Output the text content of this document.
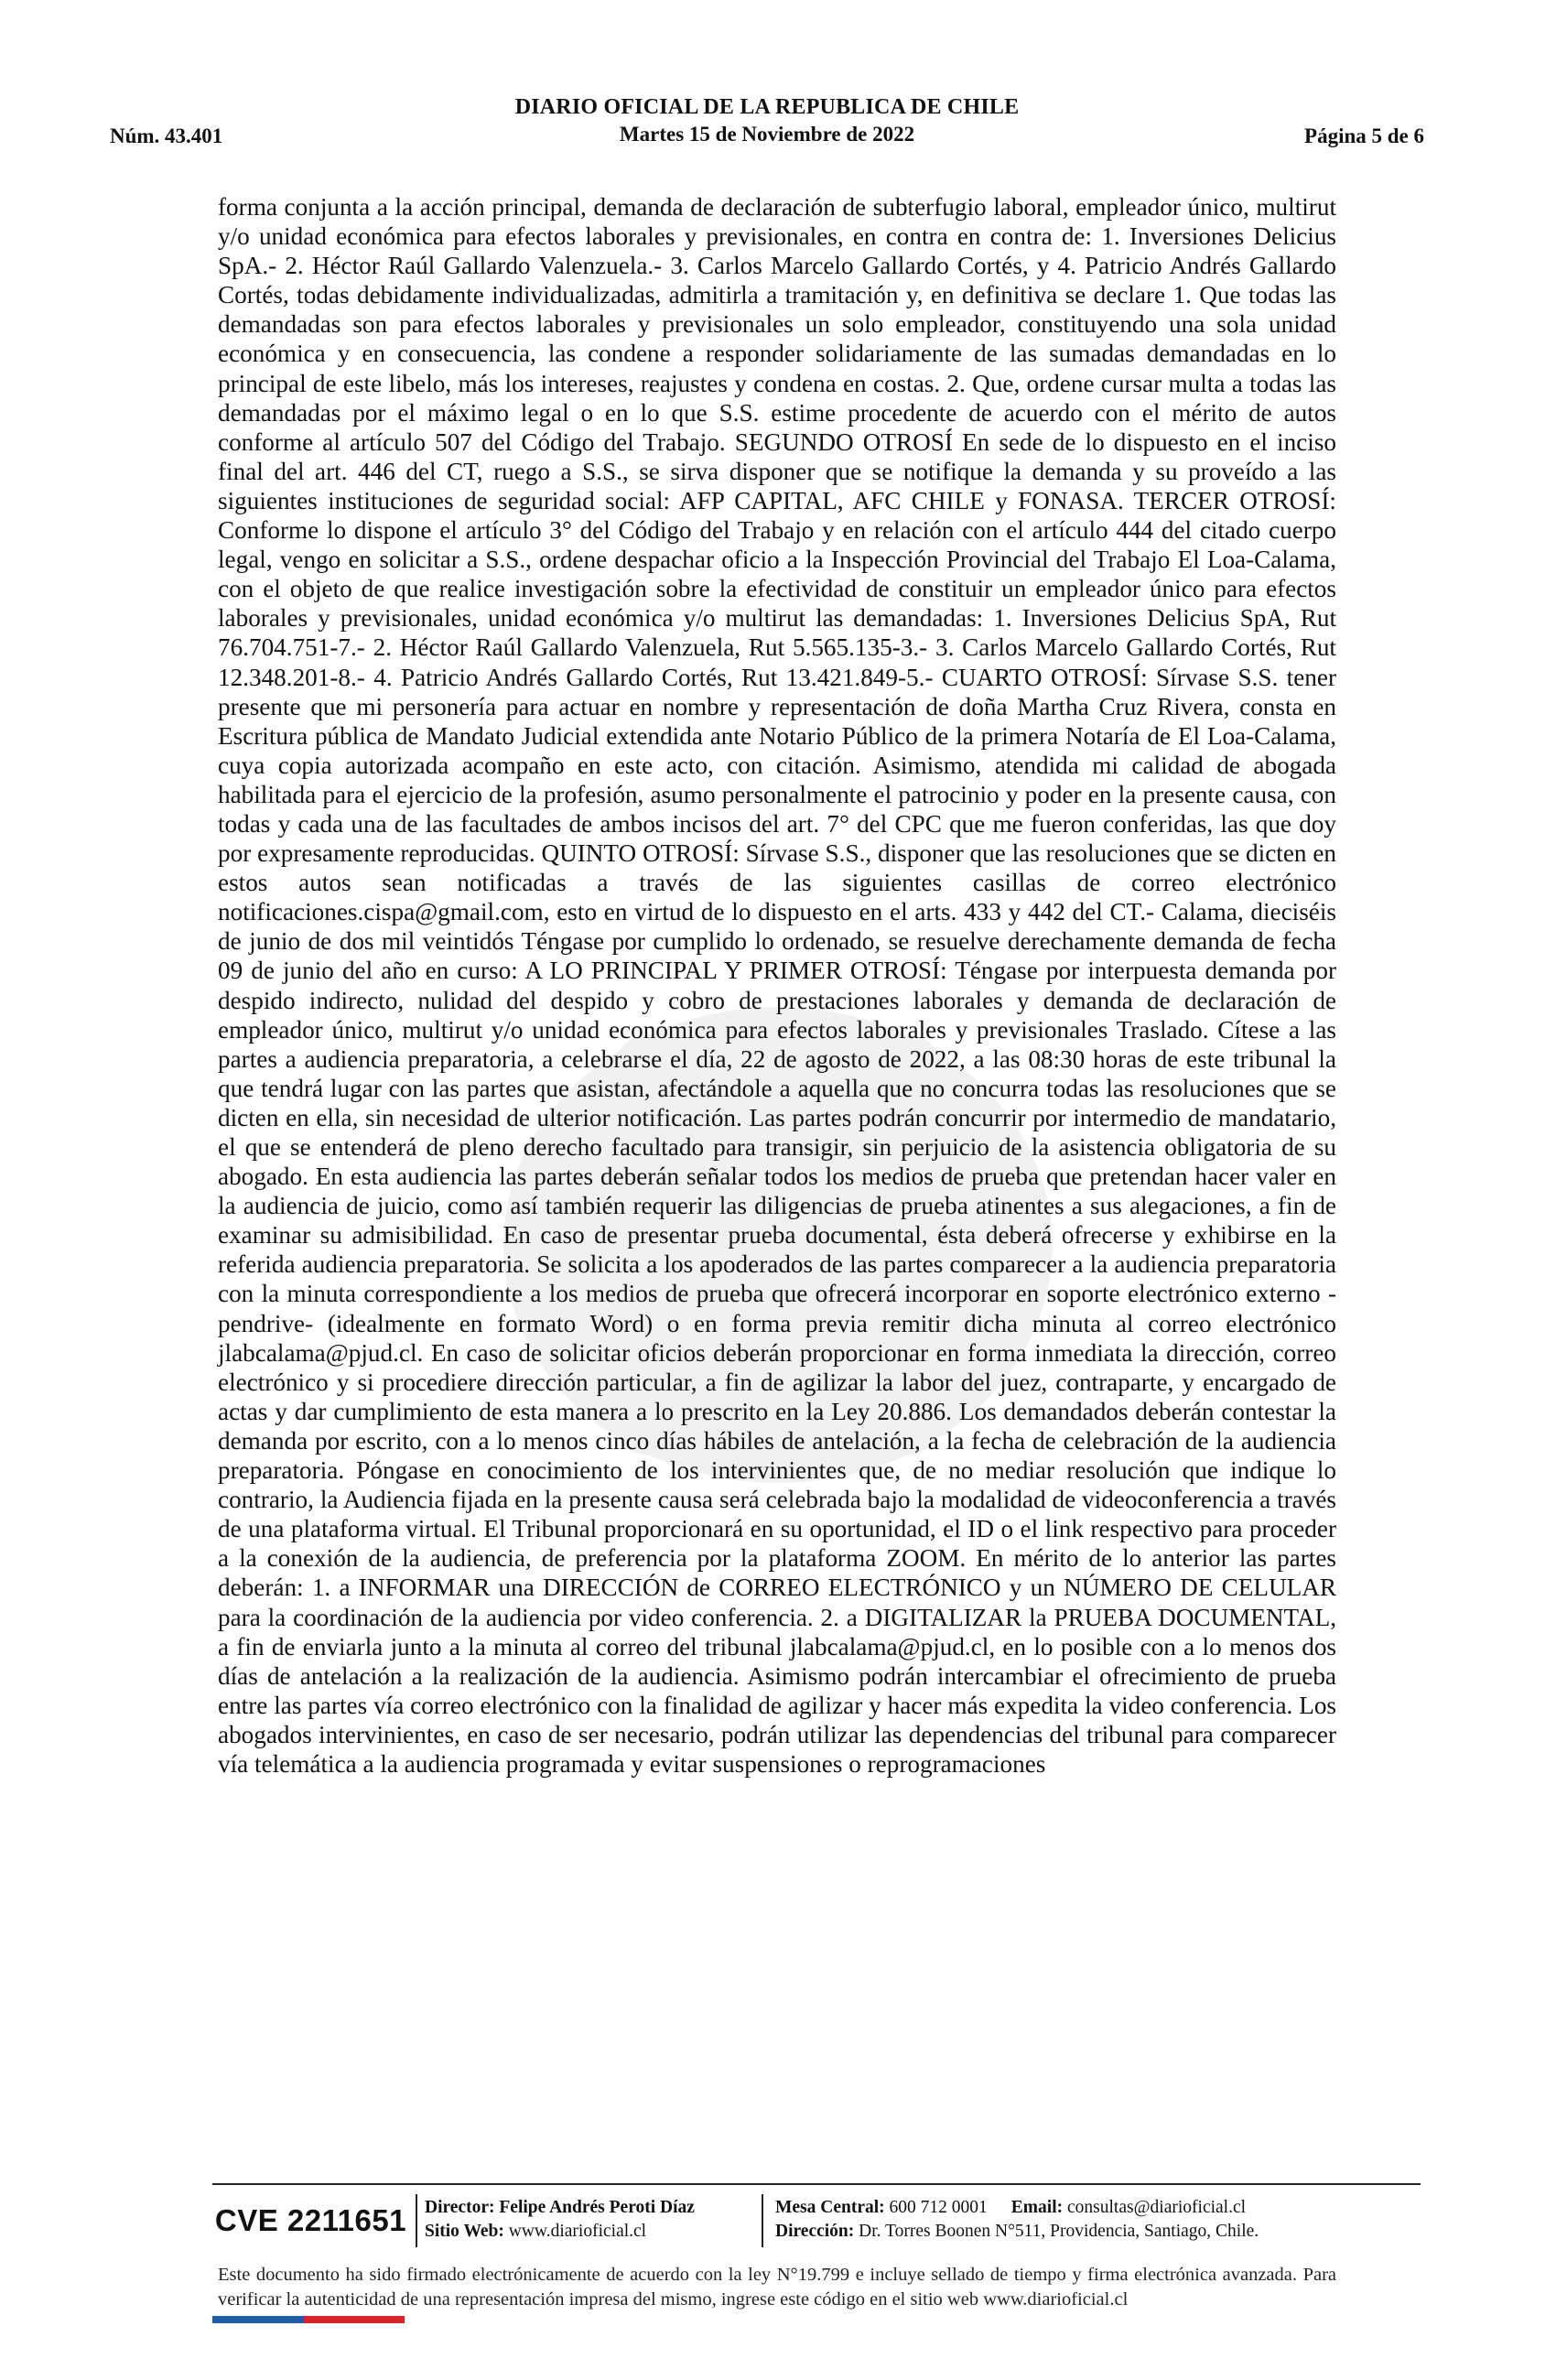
Núm. 43.401
DIARIO OFICIAL DE LA REPUBLICA DE CHILE
Martes 15 de Noviembre de 2022	Página 5 de 6
forma conjunta a la acción principal, demanda de declaración de subterfugio laboral, empleador único, multirut y/o unidad económica para efectos laborales y previsionales, en contra en contra de: 1. Inversiones Delicius SpA.- 2. Héctor Raúl Gallardo Valenzuela.- 3. Carlos Marcelo Gallardo Cortés, y 4. Patricio Andrés Gallardo Cortés, todas debidamente individualizadas, admitirla a tramitación y, en definitiva se declare 1. Que todas las demandadas son para efectos laborales y previsionales un solo empleador, constituyendo una sola unidad económica y en consecuencia, las condene a responder solidariamente de las sumadas demandadas en lo principal de este libelo, más los intereses, reajustes y condena en costas. 2. Que, ordene cursar multa a todas las demandadas por el máximo legal o en lo que S.S. estime procedente de acuerdo con el mérito de autos conforme al artículo 507 del Código del Trabajo. SEGUNDO OTROSÍ En sede de lo dispuesto en el inciso final del art. 446 del CT, ruego a S.S., se sirva disponer que se notifique la demanda y su proveído a las siguientes instituciones de seguridad social: AFP CAPITAL, AFC CHILE y FONASA. TERCER OTROSÍ: Conforme lo dispone el artículo 3° del Código del Trabajo y en relación con el artículo 444 del citado cuerpo legal, vengo en solicitar a S.S., ordene despachar oficio a la Inspección Provincial del Trabajo El Loa-Calama, con el objeto de que realice investigación sobre la efectividad de constituir un empleador único para efectos laborales y previsionales, unidad económica y/o multirut las demandadas: 1. Inversiones Delicius SpA, Rut 76.704.751-7.- 2. Héctor Raúl Gallardo Valenzuela, Rut 5.565.135-3.- 3. Carlos Marcelo Gallardo Cortés, Rut 12.348.201-8.- 4. Patricio Andrés Gallardo Cortés, Rut 13.421.849-5.- CUARTO OTROSÍ: Sírvase S.S. tener presente que mi personería para actuar en nombre y representación de doña Martha Cruz Rivera, consta en Escritura pública de Mandato Judicial extendida ante Notario Público de la primera Notaría de El Loa-Calama, cuya copia autorizada acompaño en este acto, con citación. Asimismo, atendida mi calidad de abogada habilitada para el ejercicio de la profesión, asumo personalmente el patrocinio y poder en la presente causa, con todas y cada una de las facultades de ambos incisos del art. 7° del CPC que me fueron conferidas, las que doy por expresamente reproducidas. QUINTO OTROSÍ: Sírvase S.S., disponer que las resoluciones que se dicten en estos autos sean notificadas a través de las siguientes casillas de correo electrónico notificaciones.cispa@gmail.com, esto en virtud de lo dispuesto en el arts. 433 y 442 del CT.- Calama, dieciséis de junio de dos mil veintidós Téngase por cumplido lo ordenado, se resuelve derechamente demanda de fecha 09 de junio del año en curso: A LO PRINCIPAL Y PRIMER OTROSÍ: Téngase por interpuesta demanda por despido indirecto, nulidad del despido y cobro de prestaciones laborales y demanda de declaración de empleador único, multirut y/o unidad económica para efectos laborales y previsionales Traslado. Cítese a las partes a audiencia preparatoria, a celebrarse el día, 22 de agosto de 2022, a las 08:30 horas de este tribunal la que tendrá lugar con las partes que asistan, afectándole a aquella que no concurra todas las resoluciones que se dicten en ella, sin necesidad de ulterior notificación. Las partes podrán concurrir por intermedio de mandatario, el que se entenderá de pleno derecho facultado para transigir, sin perjuicio de la asistencia obligatoria de su abogado. En esta audiencia las partes deberán señalar todos los medios de prueba que pretendan hacer valer en la audiencia de juicio, como así también requerir las diligencias de prueba atinentes a sus alegaciones, a fin de examinar su admisibilidad. En caso de presentar prueba documental, ésta deberá ofrecerse y exhibirse en la referida audiencia preparatoria. Se solicita a los apoderados de las partes comparecer a la audiencia preparatoria con la minuta correspondiente a los medios de prueba que ofrecerá incorporar en soporte electrónico externo -pendrive- (idealmente en formato Word) o en forma previa remitir dicha minuta al correo electrónico jlabcalama@pjud.cl. En caso de solicitar oficios deberán proporcionar en forma inmediata la dirección, correo electrónico y si procediere dirección particular, a fin de agilizar la labor del juez, contraparte, y encargado de actas y dar cumplimiento de esta manera a lo prescrito en la Ley 20.886. Los demandados deberán contestar la demanda por escrito, con a lo menos cinco días hábiles de antelación, a la fecha de celebración de la audiencia preparatoria. Póngase en conocimiento de los intervinientes que, de no mediar resolución que indique lo contrario, la Audiencia fijada en la presente causa será celebrada bajo la modalidad de videoconferencia a través de una plataforma virtual. El Tribunal proporcionará en su oportunidad, el ID o el link respectivo para proceder a la conexión de la audiencia, de preferencia por la plataforma ZOOM. En mérito de lo anterior las partes deberán: 1. a INFORMAR una DIRECCIÓN de CORREO ELECTRÓNICO y un NÚMERO DE CELULAR para la coordinación de la audiencia por video conferencia. 2. a DIGITALIZAR la PRUEBA DOCUMENTAL, a fin de enviarla junto a la minuta al correo del tribunal jlabcalama@pjud.cl, en lo posible con a lo menos dos días de antelación a la realización de la audiencia. Asimismo podrán intercambiar el ofrecimiento de prueba entre las partes vía correo electrónico con la finalidad de agilizar y hacer más expedita la video conferencia. Los abogados intervinientes, en caso de ser necesario, podrán utilizar las dependencias del tribunal para comparecer vía telemática a la audiencia programada y evitar suspensiones o reprogramaciones
CVE 2211651 Director: Felipe Andrés Peroti Díaz
Sitio Web: www.diarioficial.cl
Mesa Central: 600 712 0001 Email: consultas@diarioficial.cl
Dirección: Dr. Torres Boonen N°511, Providencia, Santiago, Chile.
Este documento ha sido firmado electrónicamente de acuerdo con la ley N°19.799 e incluye sellado de tiempo y firma electrónica avanzada. Para verificar la autenticidad de una representación impresa del mismo, ingrese este código en el sitio web www.diarioficial.cl
